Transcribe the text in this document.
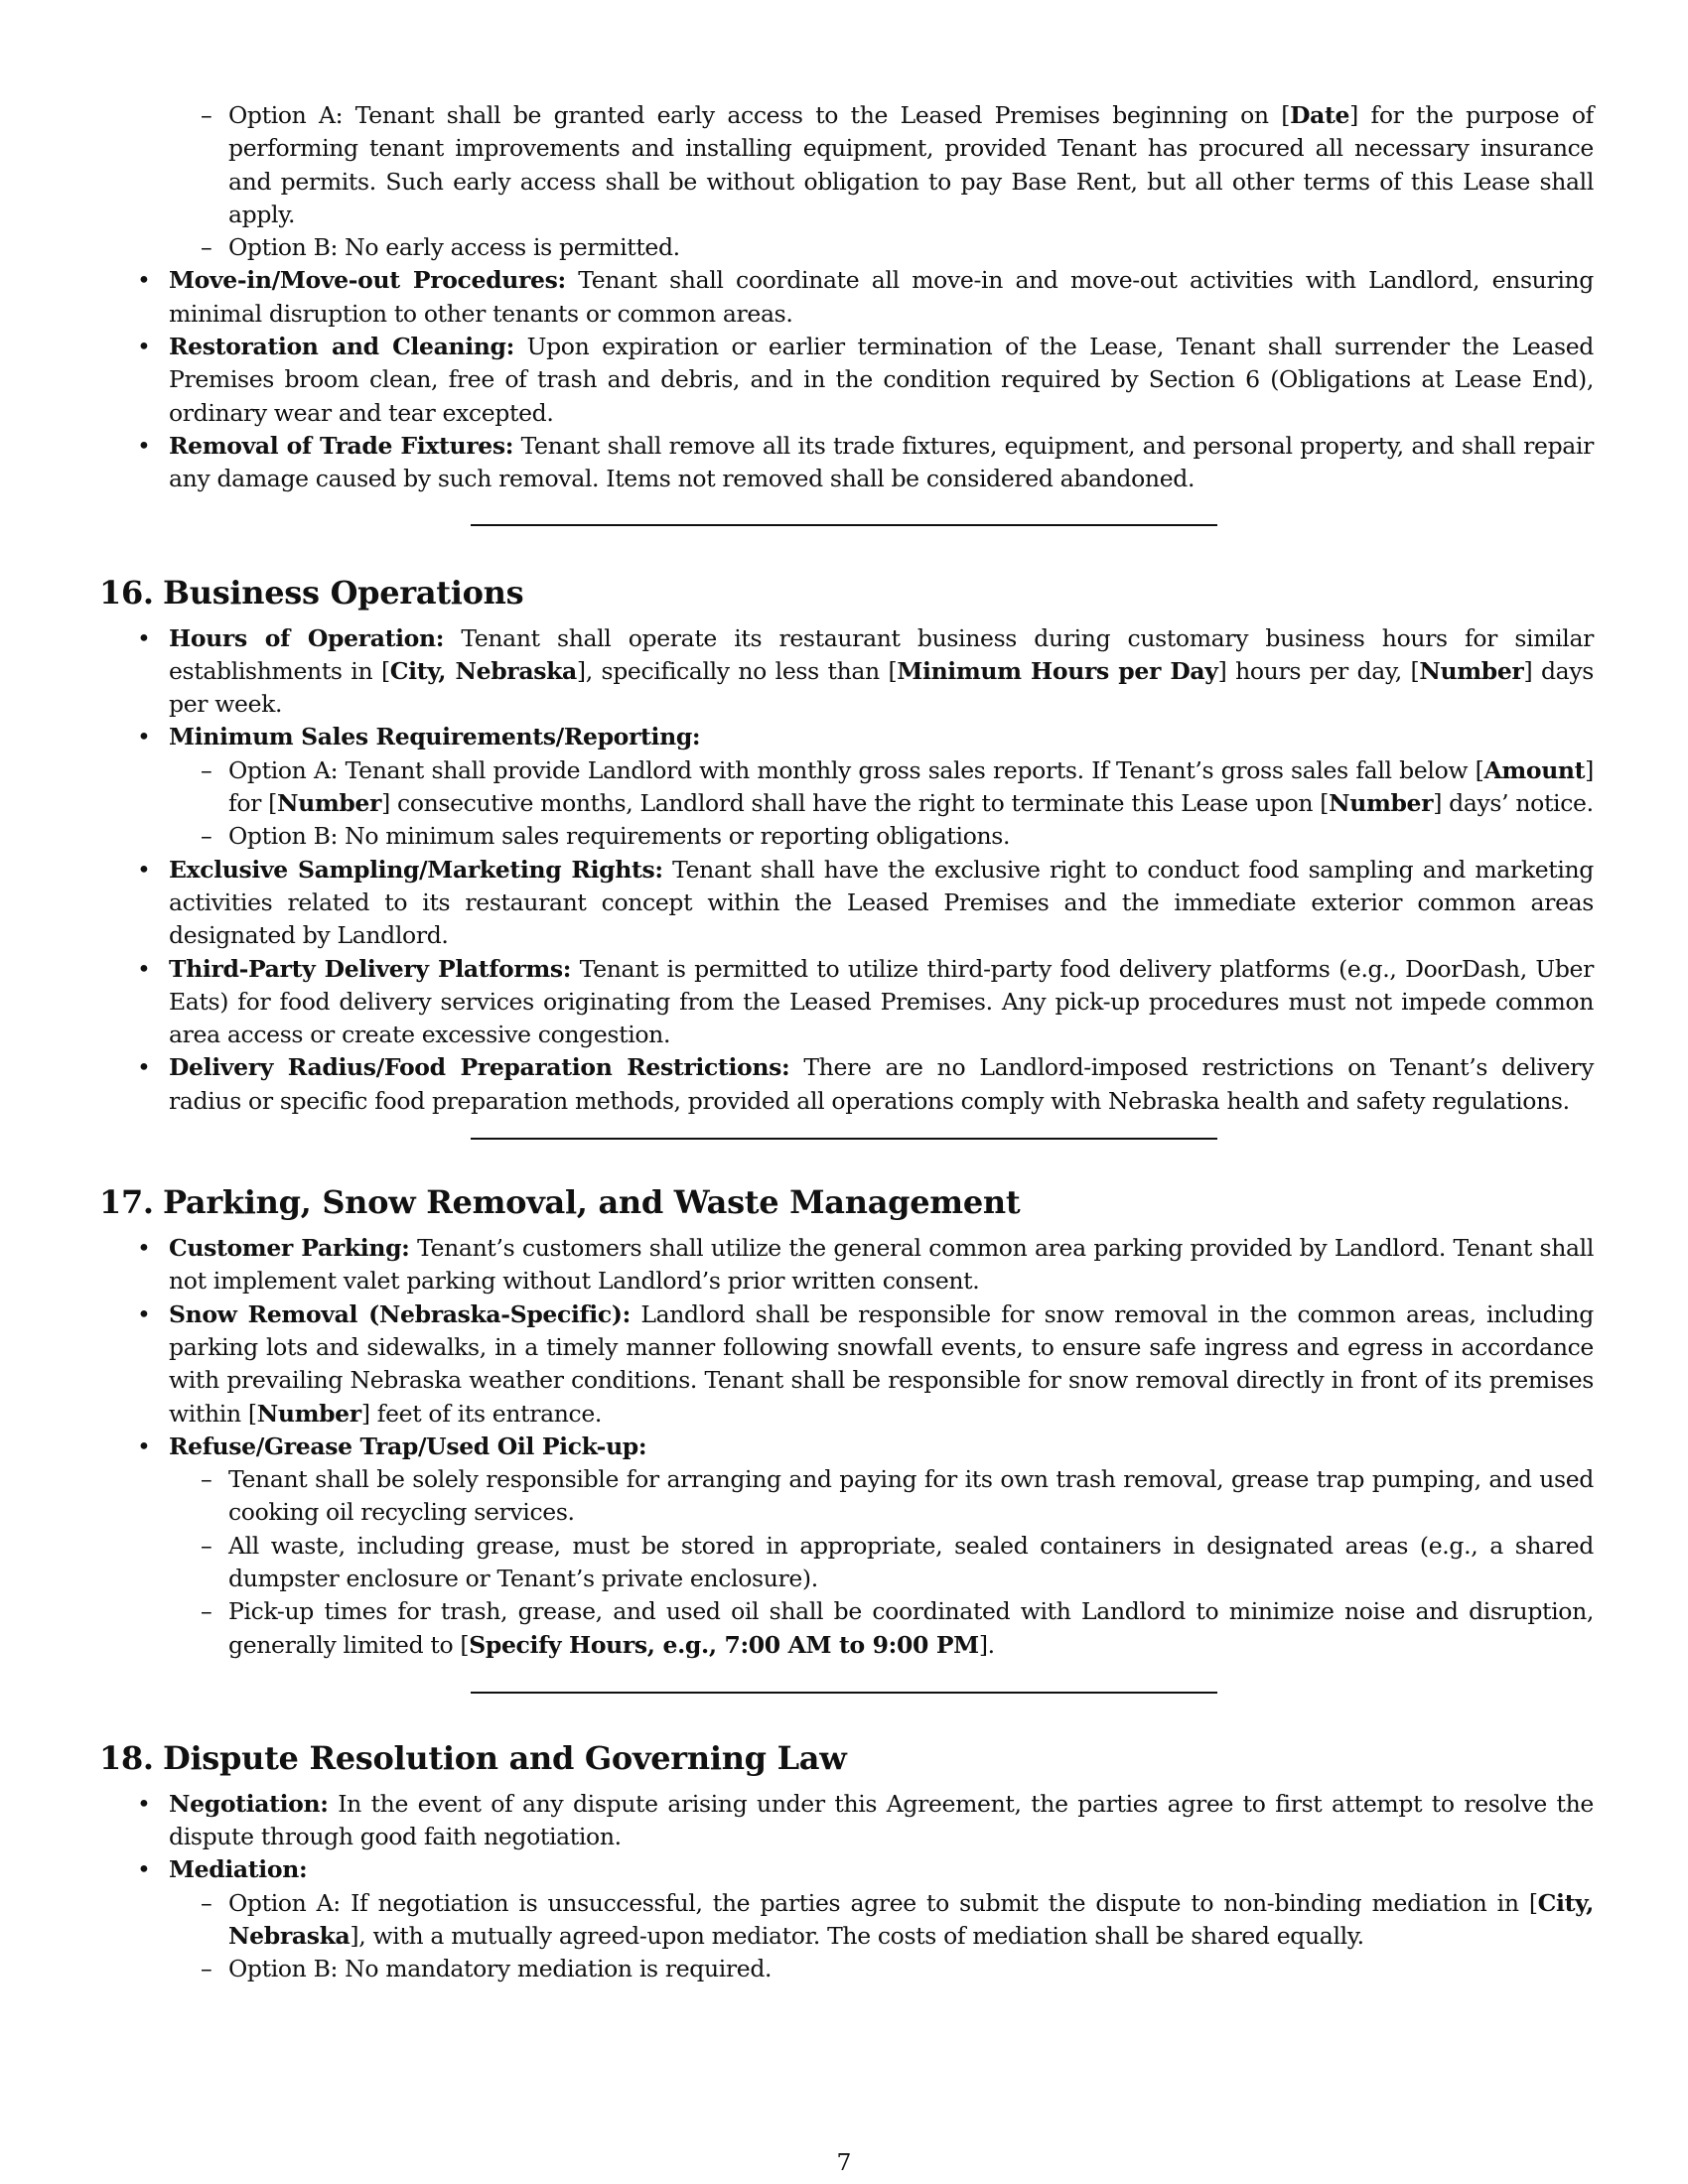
– Option A: Tenant shall be granted early access to the Leased Premises beginning on [Date] for the purpose of performing tenant improvements and installing equipment, provided Tenant has procured all necessary insurance and permits. Such early access shall be without obligation to pay Base Rent, but all other terms of this Lease shall apply.
– Option B: No early access is permitted.
• Move-in/Move-out Procedures: Tenant shall coordinate all move-in and move-out activities with Landlord, ensuring minimal disruption to other tenants or common areas.
• Restoration and Cleaning: Upon expiration or earlier termination of the Lease, Tenant shall surrender the Leased Premises broom clean, free of trash and debris, and in the condition required by Section 6 (Obligations at Lease End), ordinary wear and tear excepted.
• Removal of Trade Fixtures: Tenant shall remove all its trade fixtures, equipment, and personal property, and shall repair any damage caused by such removal. Items not removed shall be considered abandoned.
16. Business Operations
• Hours of Operation: Tenant shall operate its restaurant business during customary business hours for similar establishments in [City, Nebraska], specifically no less than [Minimum Hours per Day] hours per day, [Number] days per week.
• Minimum Sales Requirements/Reporting:
– Option A: Tenant shall provide Landlord with monthly gross sales reports. If Tenant’s gross sales fall below [Amount] for [Number] consecutive months, Landlord shall have the right to terminate this Lease upon [Number] days’ notice.
– Option B: No minimum sales requirements or reporting obligations.
• Exclusive Sampling/Marketing Rights: Tenant shall have the exclusive right to conduct food sampling and marketing activities related to its restaurant concept within the Leased Premises and the immediate exterior common areas designated by Landlord.
• Third-Party Delivery Platforms: Tenant is permitted to utilize third-party food delivery platforms (e.g., DoorDash, Uber Eats) for food delivery services originating from the Leased Premises. Any pick-up procedures must not impede common area access or create excessive congestion.
• Delivery Radius/Food Preparation Restrictions: There are no Landlord-imposed restrictions on Tenant’s delivery radius or specific food preparation methods, provided all operations comply with Nebraska health and safety regulations.
17. Parking, Snow Removal, and Waste Management
• Customer Parking: Tenant’s customers shall utilize the general common area parking provided by Landlord. Tenant shall not implement valet parking without Landlord’s prior written consent.
• Snow Removal (Nebraska-Specific): Landlord shall be responsible for snow removal in the common areas, including parking lots and sidewalks, in a timely manner following snowfall events, to ensure safe ingress and egress in accordance with prevailing Nebraska weather conditions. Tenant shall be responsible for snow removal directly in front of its premises within [Number] feet of its entrance.
• Refuse/Grease Trap/Used Oil Pick-up:
– Tenant shall be solely responsible for arranging and paying for its own trash removal, grease trap pumping, and used cooking oil recycling services.
– All waste, including grease, must be stored in appropriate, sealed containers in designated areas (e.g., a shared dumpster enclosure or Tenant’s private enclosure).
– Pick-up times for trash, grease, and used oil shall be coordinated with Landlord to minimize noise and disruption, generally limited to [Specify Hours, e.g., 7:00 AM to 9:00 PM].
18. Dispute Resolution and Governing Law
• Negotiation: In the event of any dispute arising under this Agreement, the parties agree to first attempt to resolve the dispute through good faith negotiation.
• Mediation:
– Option A: If negotiation is unsuccessful, the parties agree to submit the dispute to non-binding mediation in [City, Nebraska], with a mutually agreed-upon mediator. The costs of mediation shall be shared equally.
– Option B: No mandatory mediation is required.
7
